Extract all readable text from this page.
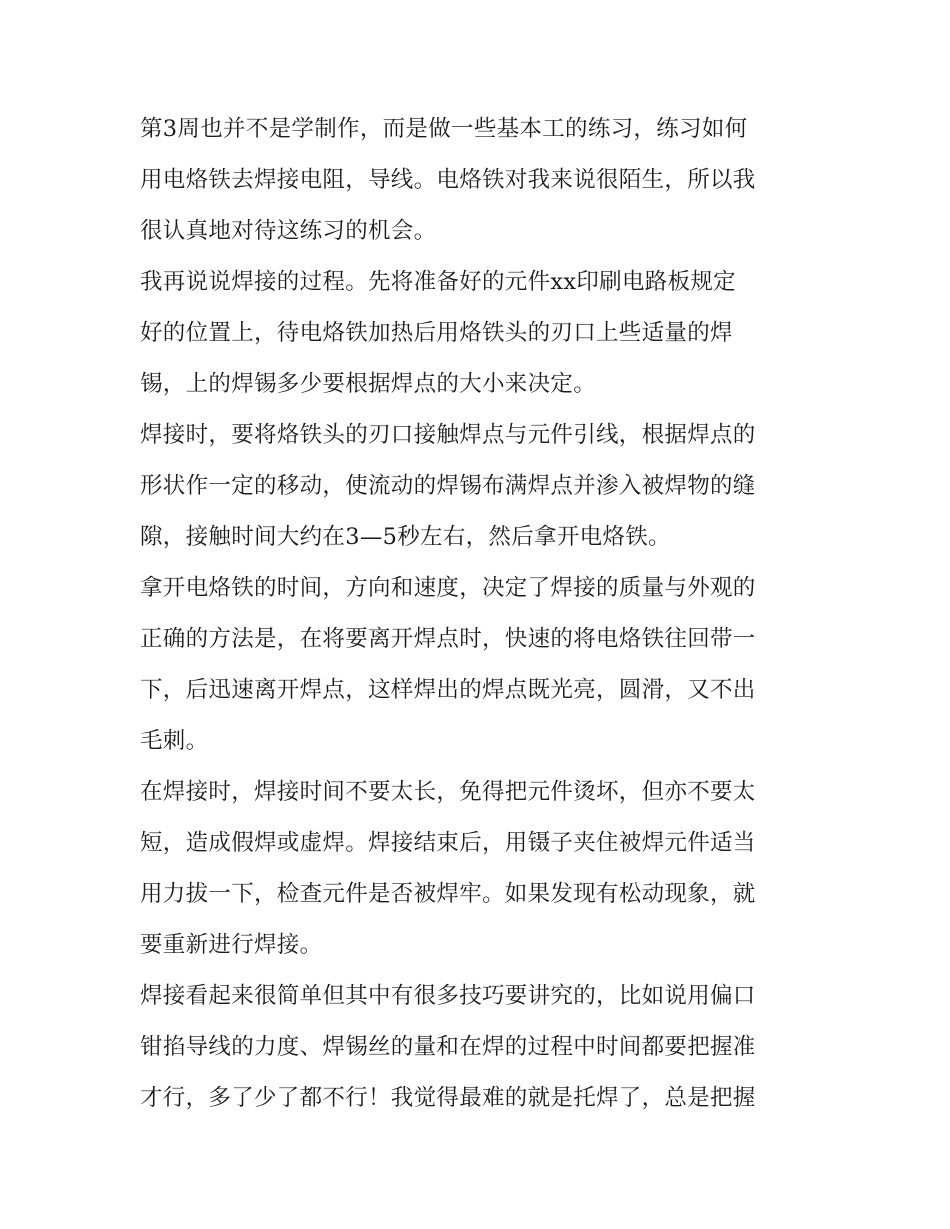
第3周也并不是学制作，而是做一些基本工的练习，练习如何
用电烙铁去焊接电阻，导线。电烙铁对我来说很陌生，所以我
很认真地对待这练习的机会。
我再说说焊接的过程。先将准备好的元件xx印刷电路板规定
好的位置上，待电烙铁加热后用烙铁头的刃口上些适量的焊
锡，上的焊锡多少要根据焊点的大小来决定。
焊接时，要将烙铁头的刃口接触焊点与元件引线，根据焊点的
形状作一定的移动，使流动的焊锡布满焊点并渗入被焊物的缝
隙，接触时间大约在3—5秒左右，然后拿开电烙铁。
拿开电烙铁的时间，方向和速度，决定了焊接的质量与外观的
正确的方法是，在将要离开焊点时，快速的将电烙铁往回带一
下，后迅速离开焊点，这样焊出的焊点既光亮，圆滑，又不出
毛刺。
在焊接时，焊接时间不要太长，免得把元件烫坏，但亦不要太
短，造成假焊或虚焊。焊接结束后，用镊子夹住被焊元件适当
用力拔一下，检查元件是否被焊牢。如果发现有松动现象，就
要重新进行焊接。
焊接看起来很简单但其中有很多技巧要讲究的，比如说用偏口
钳掐导线的力度、焊锡丝的量和在焊的过程中时间都要把握准
才行，多了少了都不行！我觉得最难的就是托焊了，总是把握
